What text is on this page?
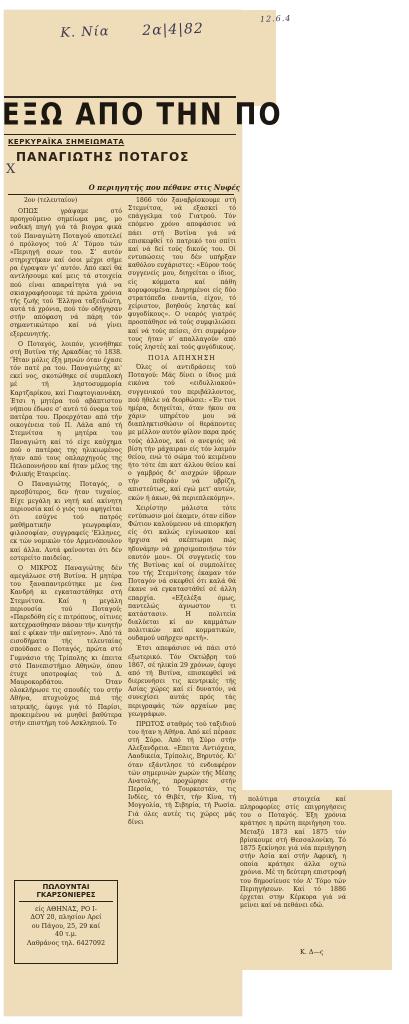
Κ. Νία 2α|4|82
12.6.4
ΕΞΩ ΑΠΟ ΤΗΝ ΠΟ
ΚΕΡΚΥΡΑΪΚΑ ΣΗΜΕΙΩΜΑΤΑ
ΠΑΝΑΓΙΩΤΗΣ ΠΟΤΑΓΟΣ
X
Ο περιηγητής που πέθανε στις Νυφές
2ον (τελευταίον)

ΟΠΩΣ γράψαμε στό προηγούμενο σημείωμα μας, μο ναδική πηγή γιά τά βιογρα φικά τού Παναγιώτη Ποταγού αποτελεί ό πρόλογος τού Α' Τόμου τών «Περιηγή σεων του. Σ' αυτόν στηριχτήκαν καί όσοι μέχρι σήμε ρα έγραψαν γι' αυτόν. Από εκεί θά αντλήσουμε καί μεις τά στοιχεία πού είναι απαραίτητα γιά να σκιαγραφήσουμε τά πρώτα χρόνια τής ζωής τού 'Ελληνα ταξειδιώτη, αυτά τά χρόνια, πού τόν οδήγησαν στήν απόφαση νά πάρη τόν σημαντικώτερο καί νά γίνει εξερευνητής.

Ο Ποταγός, λοιπόν, γεννήθηκε στή Βυτίνα τής Αρκαδίας τό 1838. 'Ήταν μόλις έξη μηνών όταν έχασε τόν πατέ ρα του. Παναγιώτης κι' εκεί νος, σκοτώθηκε σέ συμπλοκή μέ τή ληστοσυμμορία Καρτζαρίκου, καί Γιαφτογιαννάκη. Έτσι η μητέρα τού αβάπτιστου νήπιου έδωσε σ' αυτό τό όνομα τού πατέρα του. Προερχόταν από τήν οικογένεια τού Π. Λάλα από τή Στεμνίτσα η μητέρα του Παναγιώτη καί τό είχε καύχημα πού ο πατέρας της ηλικιωμένος ήταν από τους οπλαρχηγούς της Πελοποννήσου καί ήταν μέλος της Φιλικής Εταιρείας.

Ο Παναγιώτης Ποταγός, ο πρεσβύτερος, δεν ήταν τυχαίος. Είχε μεγάλη κι νητή καί ακίνητη περιουσία καί ό γιός του αφηγείται ότι εσύχνε τού πατρός μαθήματικήν γεωγραφίαν, φιλοσοφίαν, συγγραφείς 'Ελληνες, εκ τών νομικών τόν Αρμενόπουλον καί άλλα. Αυτά φαίνονται ότι δέν εστερείτο παιδείας.

Ο ΜΙΚΡΟΣ Παναγιώτης δέν αμεγάλωσε στή Βυτίνα. Η μητέρα του ξαναπαντρεύτηκε με ένα Κανδρή κι εγκαταστάθηκε στή Στεμνίτσα. Καί η μεγάλη περιουσία τού Ποταγού; «Παρεδόθη είς ε πιτρόπους, οίτινες κατεχρασθησαν πάσαν τήν κινητήν καί ε φίκαν τήν ακίνητον». Από τά εισοδήματα τής τελευταίας σπούδασε ο Ποταγός, πρώτα στό Γυμνάσιο τής Τρίπολης κι έπειτα στό Πανεπιστήμιο Αθηνών, όπου έτυχε υποτροφίας τού Δ. Μαυροκορδάτου. Όταν ολοκλήρωσε τις σπουδές του στήν Αθήνα, πτυχιούχος πιά τής ιατρικής, έφυγε γιά τό Παρίσι, προκειμένου νά μυηθεί βαθύτερα στήν επιστήμη τού Ασκληπιού. Το

1866 τόν ξαναβρίσκουμε στή Στεμνίτσα, νά εξασκεί τό επάγγελμα τού Γιατρού. Τόν επόμενο χρόνο αποφάσισε νά πάει στή Βυτίνα γιά νά επισκεφθεί τό πατρικό του σπίτι καί νά δεί τούς δικούς του. Οί εντυπώσεις του δέν υπήρξαν καθόλου ευχάριστες: «Εύρον τούς συγγενείς μου, διηγείται ο ίδιος, είς κόμματα καί πάθη κορυφουμένα. Διηρημένοι είς δύο στρατόπεδα εναντία, είχον, τό χείριστον, βοηθούς ληστάς καί φυγοδίκους». Ο νεαρός γιατρός προσπάθησε νά τούς συμφιλιώσει καί νά τούς πείσει, ότι συμφέρον τους ήταν ν' απαλλαγούν από τούς ληστές καί τούς φυγόδικους.

ΠΟΙΑ ΑΠΗΧΗΣΗ

Όλες οί αντιδράσεις τού Ποταγού: Μάς δίνει ο ίδιος μιά εικόνα τού «ειδυλλιακού» συγγενικού του περιβάλλοντος, πού ήθελε νά διορθώσει: «Έν τινι ημέρα, διηγείται, όταν ήκου σα χάριν υπηρέτου μου νά διαπληκτισθώσιν οί θεράποντες με μέλλον αυτόν φίλον παρα πρός τούς άλλους, καί ο ανεψιός νά βίση τήν μάχαιραν είς τόν λαιμόν θείου, ενώ τό σώμα τού κειμένου ήτο τότε έπι κατ άλλου θείου καί ο γαμβρός δι' αισχρών ύβρεων τήν πεθεράν νά υβρίζη, απιστεύτως, καί εγώ μετ' αυτών, εκών ή άκων, θά περιεπλεκόμην».

Χειρίστην μάλιστα τότε εντύπωσιν μοί έκαμεν, όταν είδον Φώτιον καλούμενον νά επιορκήση είς ότι καλώς εγίνωσκον καί ήρχισα νά σκέπτωμαι πώς ηδυνάμην νά χρησιμοποιήσω τόν εαυτόν μου». Οί συγγενείς του τής Βυτίνας καί οί συμπολίτες του τής Στεμνίτσης έκαμαν τόν Ποταγόν νά σκεφθεί ότι καλά θά έκανε νά εγκαταστάθεί σέ άλλη επαρχία. «Εξελέξα όμως, παντελώς άγνωστον τι κατάστασιν. Η πολιτεία διαλύεται κί αν καμμάτων πολιτικών καί κομματικών, ουδαμού υπήρχεν αρετή».

Έτσι απεφάσισε νά πάει στό εξωτερικό. Τόν Οκτώβρη τού 1867, σέ ηλικία 29 χρόνων, έφυγε από τή Βυτίνα, επισκεφθεί νά διερευνήσει τις κεντρικές τής Ασίας χώρες καί εί δυνατόν, νά συνεχίσει αυτάς πρός τάς περιγραφάς τών αρχαίων μας γεωγράφων.

ΠΡΩΤΟΣ σταθμός τού ταξιδιού του ήταν η Αθήνα. Από κεί πέρασε στή Σύρο. Από τή Σύρο στήν Αλεξανδρεια. «Επειτα Αντιόχεια, Λαοδικεία, Τρίπολις, Βηρυτός. Κι' όταν εξάντλησε τό ενδιαφέρον τών σημερινών χωρών τής Μέσης Ανατολής, προχώρησε στήν Περσία, τό Τουρκεστάν, τις Ινδίες, τό Θιβέτ, τήν Κίνα, τή Μογγολία, τή Σιβηρία, τή Ρωσία. Γιά όλες αυτές τις χώρες μάς δίνει

πολύτιμα στοιχεία καί πληροφορίες στίς επιγρηγήσεις του ο Ποταγός. Έξη χρόνια κράτησε η πρώτη περιήγηση του. Μεταξύ 1873 καί 1875 τόν βρίσκουμε στή Θεσσαλονίκη. Τό 1875 ξεκίνησε γιά νέα περιήγηση στήν Ασία καί στήν Αφρική, η οποία κράτησε άλλα οχτώ χρόνια. Μέ τη δεύτερη επιστροφή του δημοσίευσε τόν Α' Τόμο τών Περιηγήσεων. Καί τό 1886 έρχεται στην Κέρκυρα γιά νά μείνει καί νά πεθάνει εδώ.

Κ. Δ—ς
ΠΩΛΟΥΝΤΑΙ ΓΚΑΡΣΟΝΙΕΡΕΣ
είς ΑΘΗΝΑΣ, ΡΟ Ι-
ΔΟΥ 20, πλησίον Αρεί
ου Πάγου, 25, 29 καί
40 τ.μ.
Λαθράνος τηλ. 6427092
